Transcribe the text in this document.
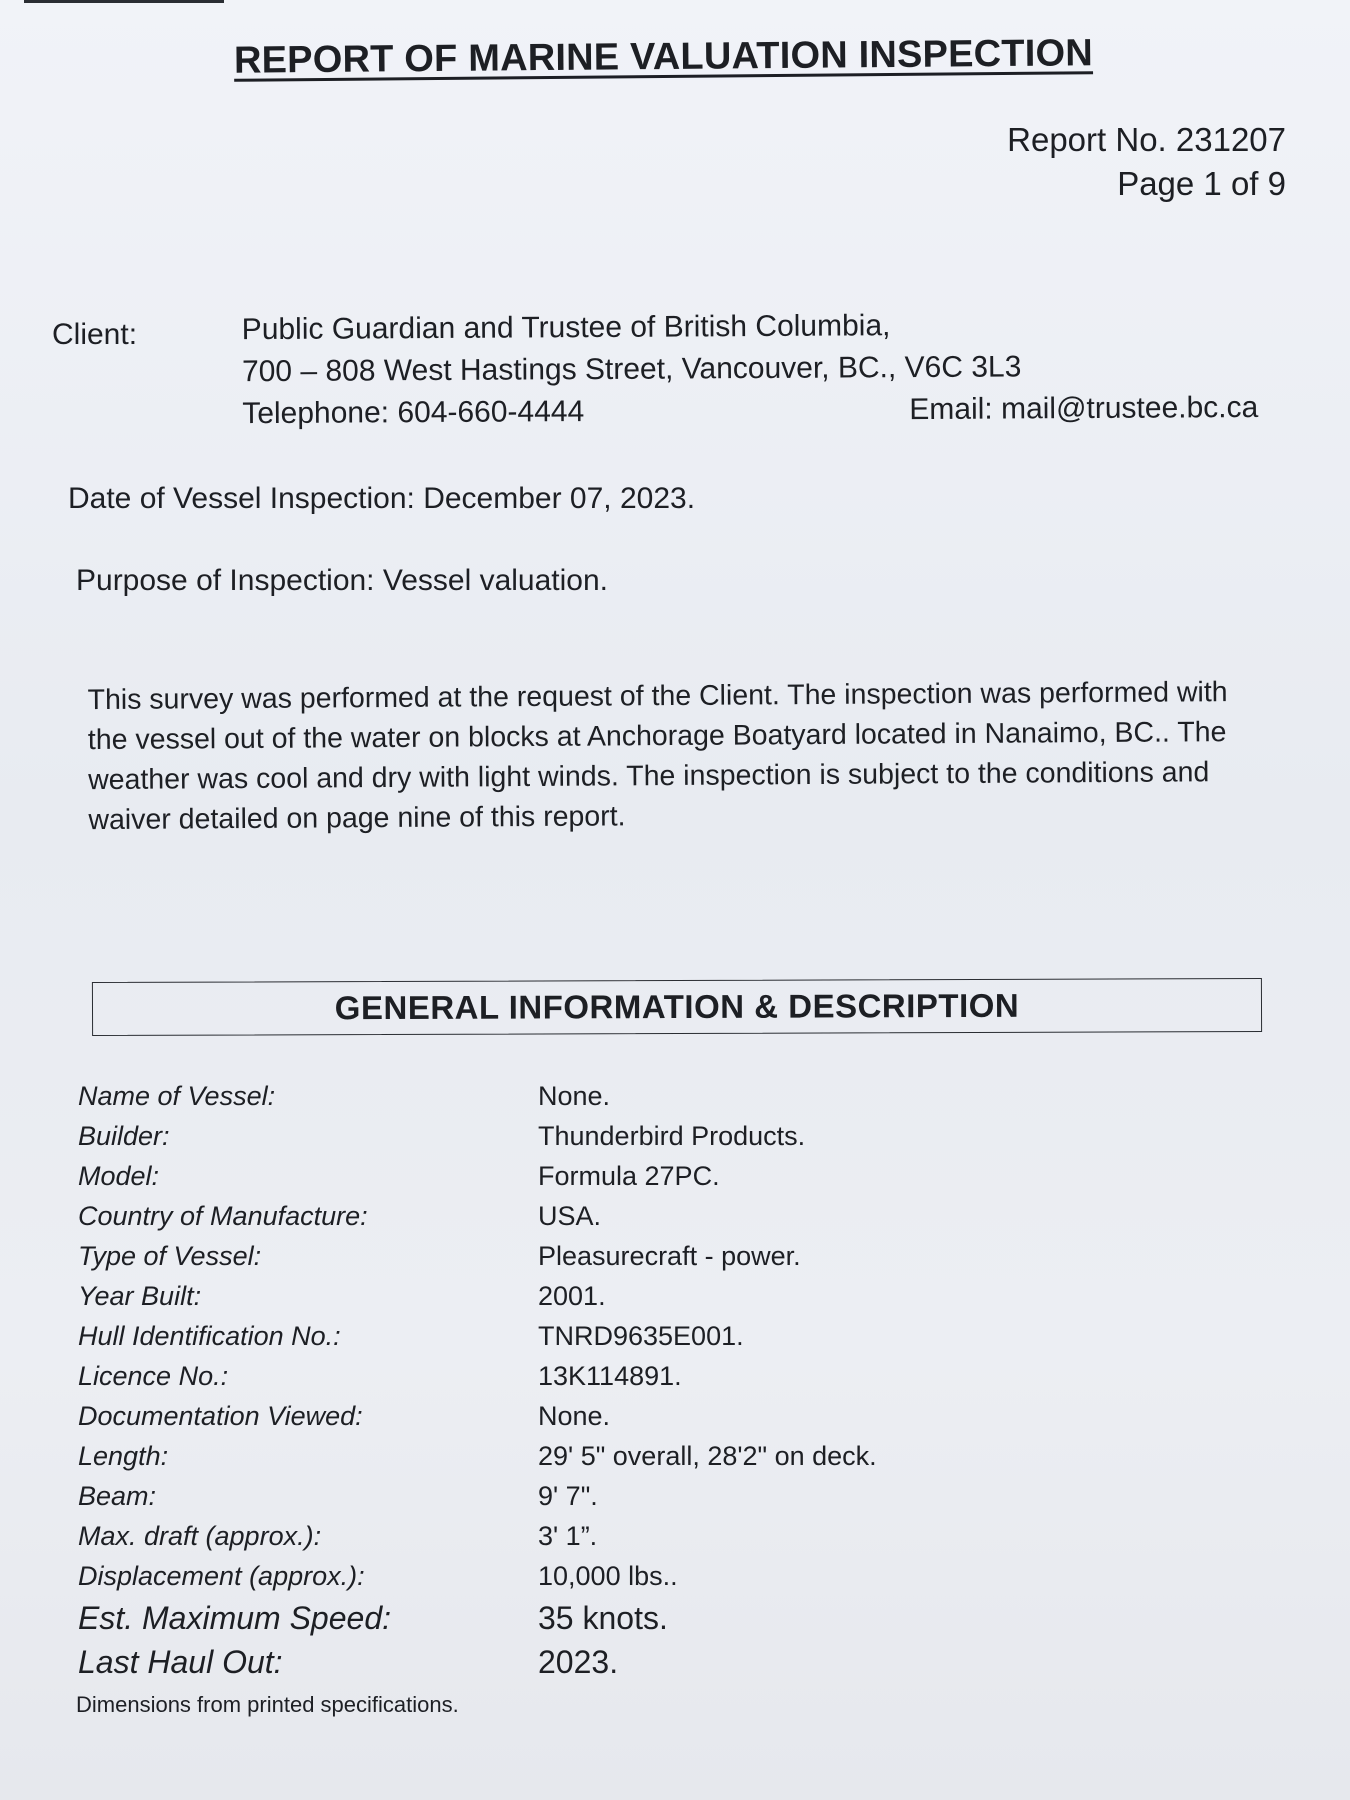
REPORT OF MARINE VALUATION INSPECTION
Report No. 231207
Page 1 of 9
Client:	Public Guardian and Trustee of British Columbia,
700 – 808 West Hastings Street, Vancouver, BC., V6C 3L3
Telephone: 604-660-4444	Email: mail@trustee.bc.ca
Date of Vessel Inspection: December 07, 2023.
Purpose of Inspection: Vessel valuation.
This survey was performed at the request of the Client. The inspection was performed with the vessel out of the water on blocks at Anchorage Boatyard located in Nanaimo, BC.. The weather was cool and dry with light winds. The inspection is subject to the conditions and waiver detailed on page nine of this report.
GENERAL INFORMATION & DESCRIPTION
Name of Vessel:	None.
Builder:	Thunderbird Products.
Model:	Formula 27PC.
Country of Manufacture:	USA.
Type of Vessel:	Pleasurecraft - power.
Year Built:	2001.
Hull Identification No.:	TNRD9635E001.
Licence No.:	13K114891.
Documentation Viewed:	None.
Length:	29' 5" overall, 28'2" on deck.
Beam:	9' 7".
Max. draft (approx.):	3' 1”.
Displacement (approx.):	10,000 lbs..
Est. Maximum Speed:	35 knots.
Last Haul Out:	2023.
Dimensions from printed specifications.
